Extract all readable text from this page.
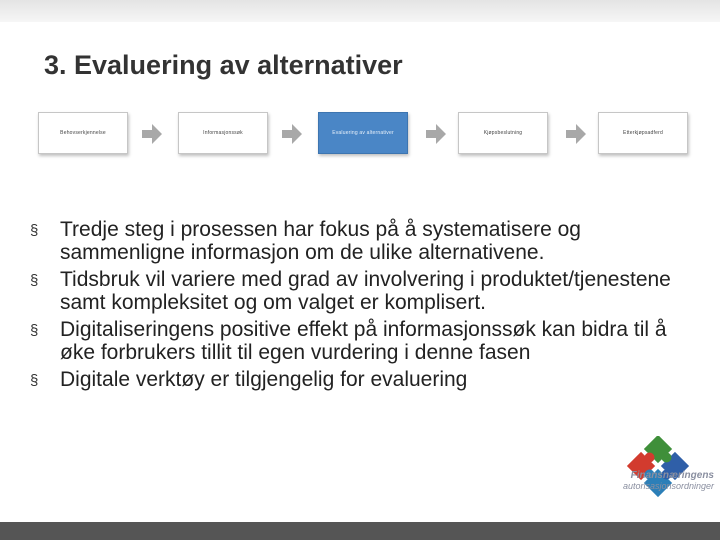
3. Evaluering av alternativer
Behovserkjennelse	Informasjonssøk	Evaluering av alternativer	Kjøpsbeslutning	Etterkjøpsadferd
§ Tredje steg i prosessen har fokus på å systematisere og sammenligne informasjon om de ulike alternativene.
§ Tidsbruk vil variere med grad av involvering i produktet/tjenestene samt kompleksitet og om valget er komplisert.
§ Digitaliseringens positive effekt på informasjonssøk kan bidra til å øke forbrukers tillit til egen vurdering i denne fasen
§ Digitale verktøy er tilgjengelig for evaluering
Finansnæringens
autorisasjonsordninger
